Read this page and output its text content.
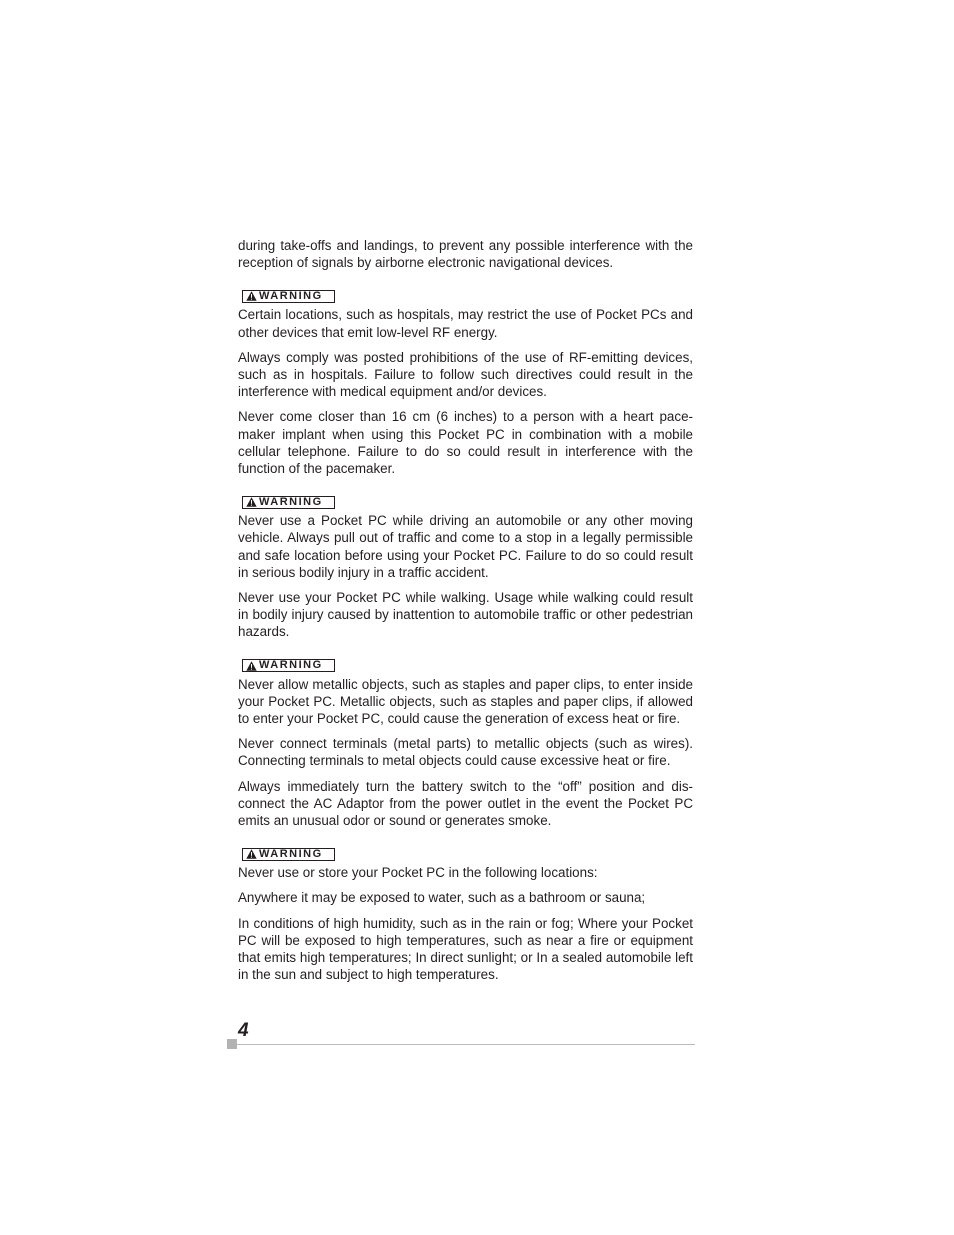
during take-offs and landings, to prevent any possible interference with the reception of signals by airborne electronic navigational devices.

WARNING

Certain locations, such as hospitals, may restrict the use of Pocket PCs and other devices that emit low-level RF energy.

Always comply was posted prohibitions of the use of RF-emitting devices, such as in hospitals. Failure to follow such directives could result in the interference with medical equipment and/or devices.

Never come closer than 16 cm (6 inches) to a person with a heart pacemaker implant when using this Pocket PC in combination with a mobile cellular telephone. Failure to do so could result in interference with the function of the pacemaker.

WARNING

Never use a Pocket PC while driving an automobile or any other moving vehicle. Always pull out of traffic and come to a stop in a legally permissible and safe location before using your Pocket PC. Failure to do so could result in serious bodily injury in a traffic accident.

Never use your Pocket PC while walking. Usage while walking could result in bodily injury caused by inattention to automobile traffic or other pedestrian hazards.

WARNING

Never allow metallic objects, such as staples and paper clips, to enter inside your Pocket PC. Metallic objects, such as staples and paper clips, if allowed to enter your Pocket PC, could cause the generation of excess heat or fire.

Never connect terminals (metal parts) to metallic objects (such as wires). Connecting terminals to metal objects could cause excessive heat or fire.

Always immediately turn the battery switch to the “off” position and disconnect the AC Adaptor from the power outlet in the event the Pocket PC emits an unusual odor or sound or generates smoke.

WARNING

Never use or store your Pocket PC in the following locations:

Anywhere it may be exposed to water, such as a bathroom or sauna;

In conditions of high humidity, such as in the rain or fog; Where your Pocket PC will be exposed to high temperatures, such as near a fire or equipment that emits high temperatures; In direct sunlight; or In a sealed automobile left in the sun and subject to high temperatures.

4
